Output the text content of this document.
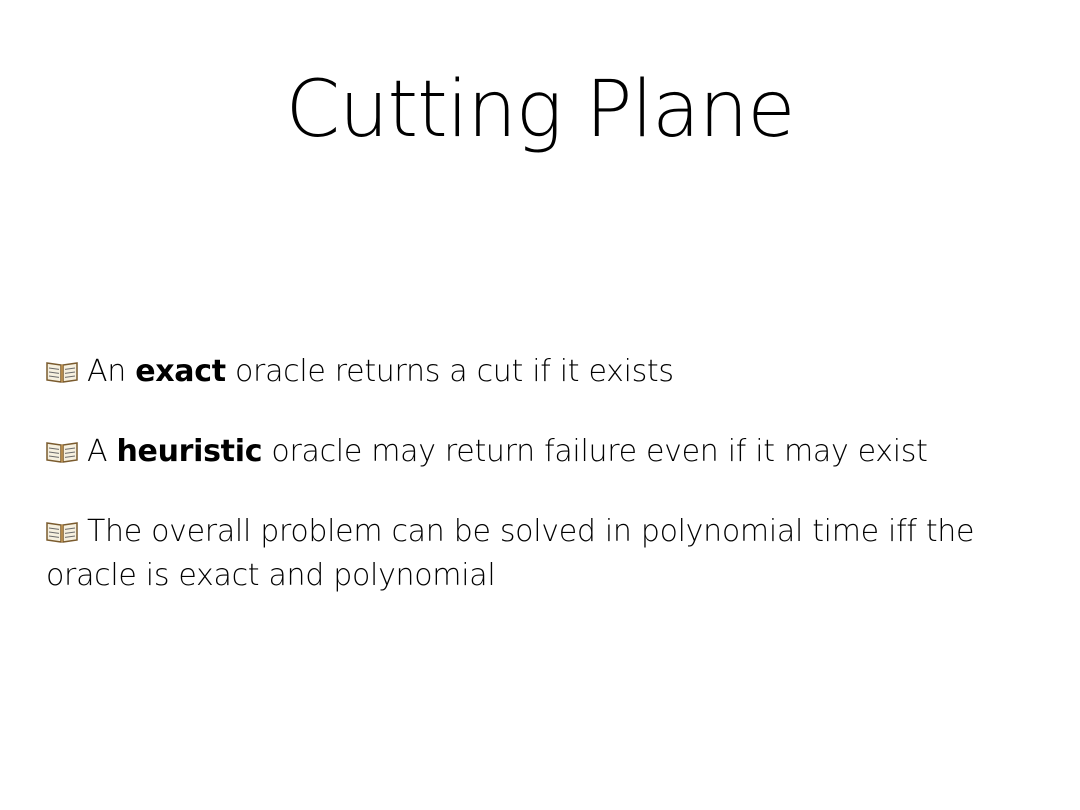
Cutting Plane
An exact oracle returns a cut if it exists
A heuristic oracle may return failure even if it may exist
The overall problem can be solved in polynomial time iff the oracle is exact and polynomial
